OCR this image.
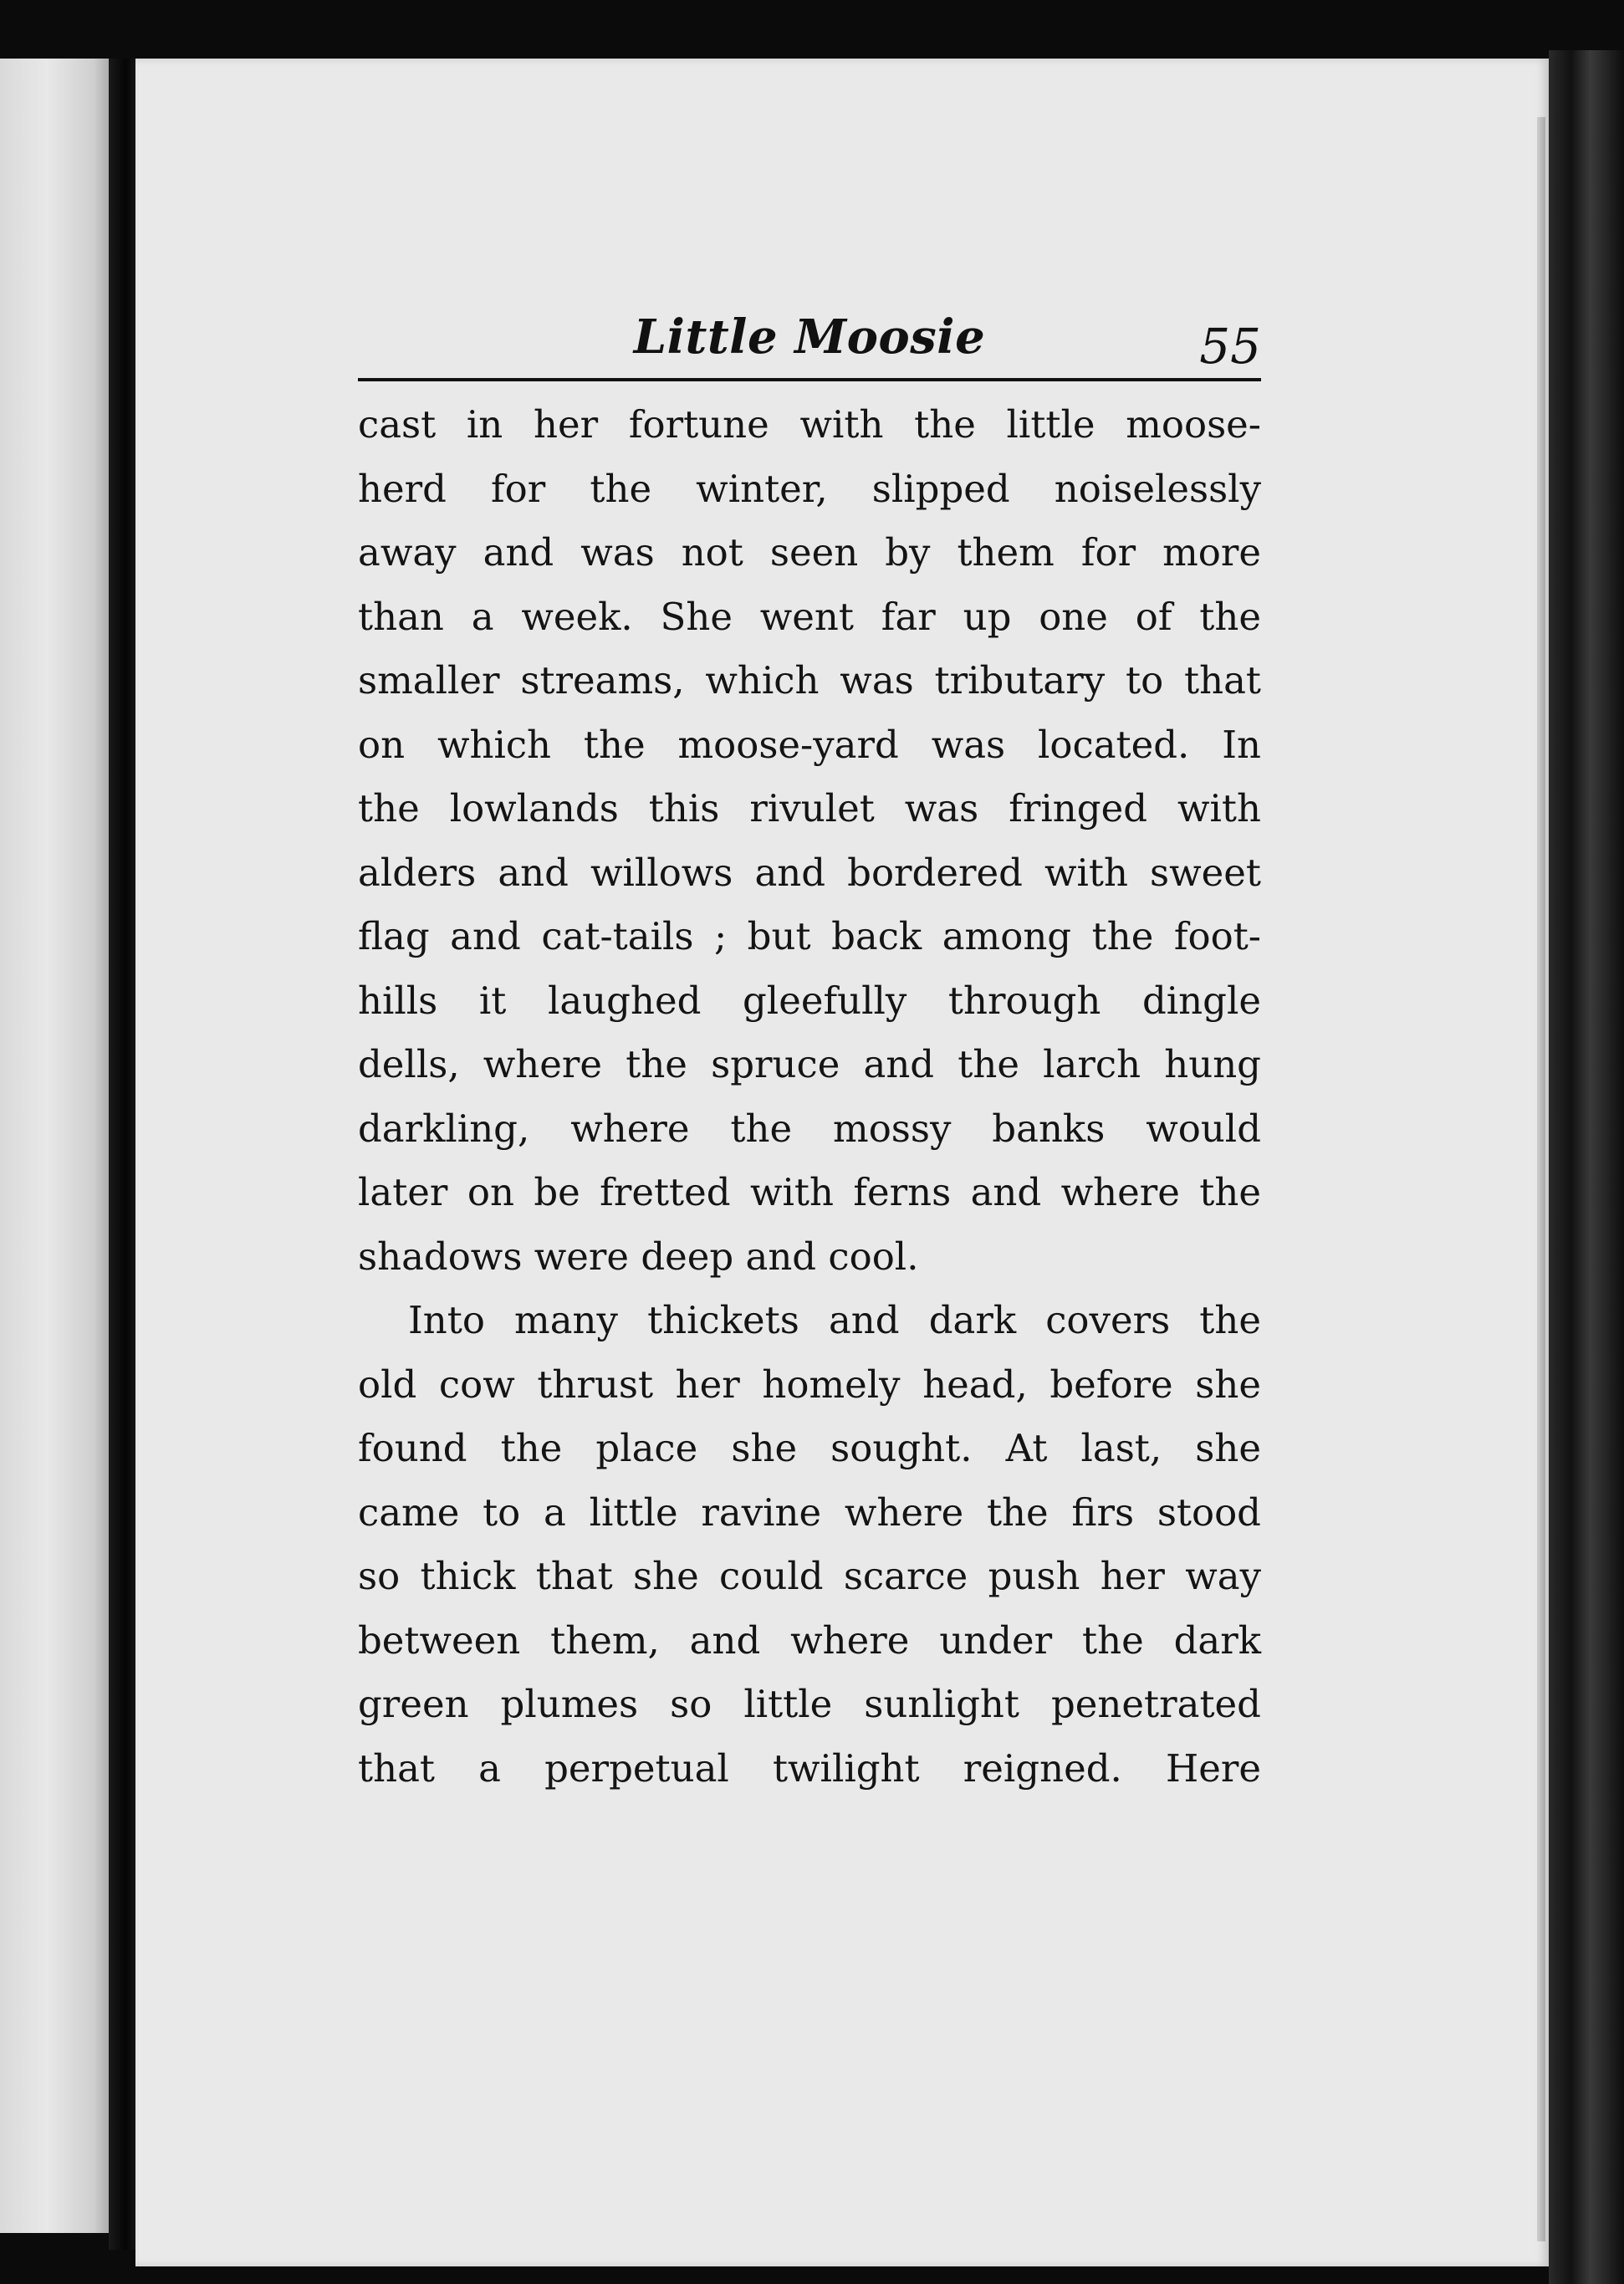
Little Moosie	55
cast in her fortune with the little moose-
herd for the winter, slipped noiselessly
away and was not seen by them for more
than a week. She went far up one of the
smaller streams, which was tributary to that
on which the moose-yard was located. In
the lowlands this rivulet was fringed with
alders and willows and bordered with sweet
flag and cat-tails ; but back among the foot-
hills it laughed gleefully through dingle
dells, where the spruce and the larch hung
darkling, where the mossy banks would
later on be fretted with ferns and where the
shadows were deep and cool.
Into many thickets and dark covers the
old cow thrust her homely head, before she
found the place she sought. At last, she
came to a little ravine where the firs stood
so thick that she could scarce push her way
between them, and where under the dark
green plumes so little sunlight penetrated
that a perpetual twilight reigned. Here
